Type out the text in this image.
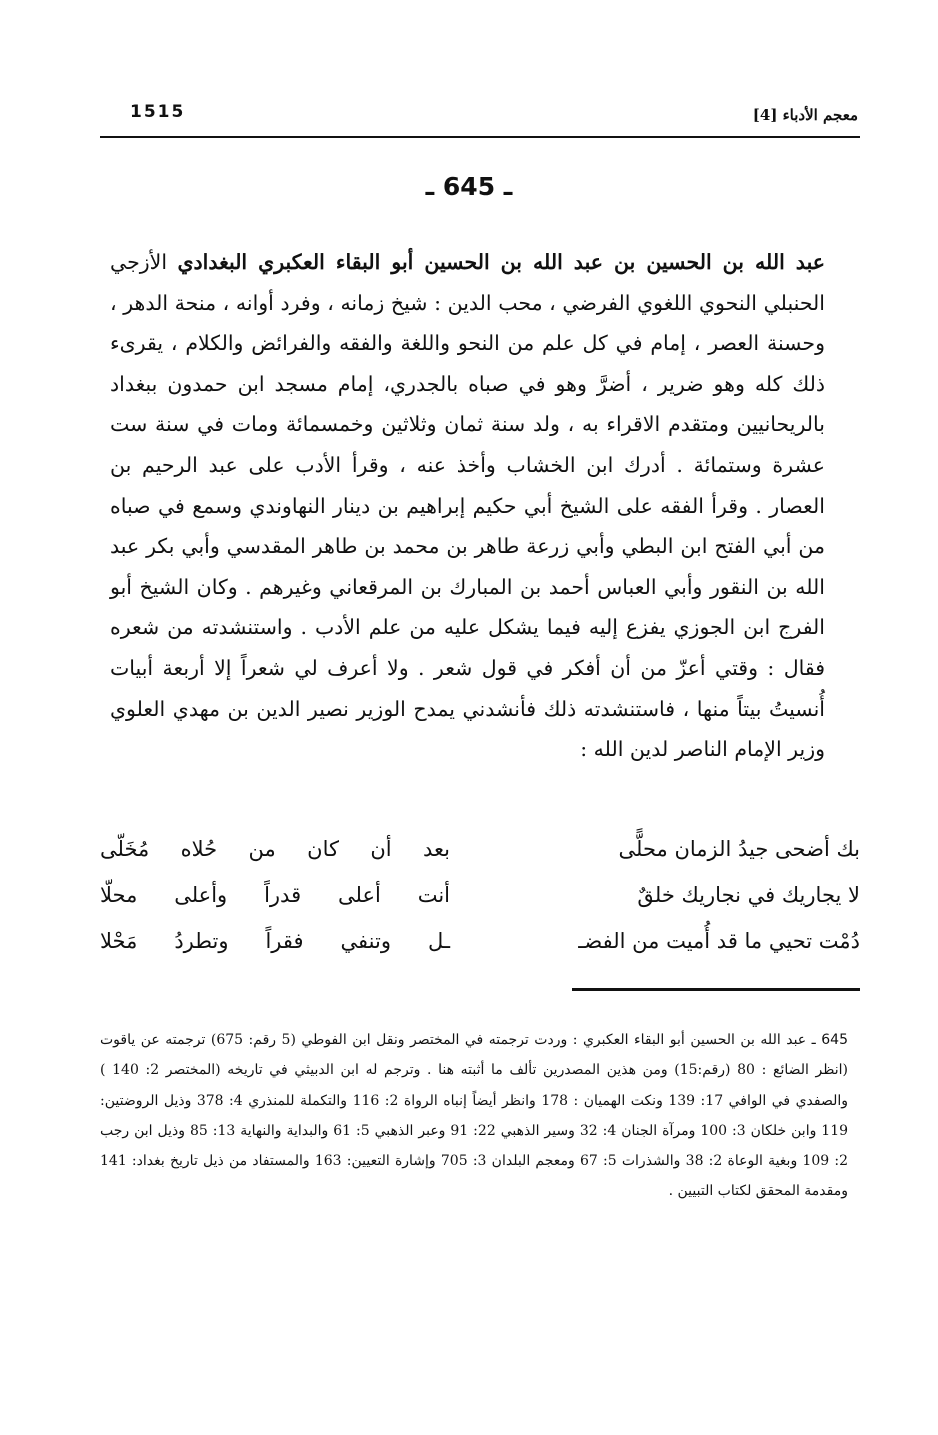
1515	معجم الأدباء [4]
ـ 645 ـ

عبد الله بن الحسين بن عبد الله بن الحسين أبو البقاء العكبري البغدادي الأزجي الحنبلي النحوي اللغوي الفرضي ، محب الدين : شيخ زمانه ، وفرد أوانه ، منحة الدهر ، وحسنة العصر ، إمام في كل علم من النحو واللغة والفقه والفرائض والكلام ، يقرىء ذلك كله وهو ضرير ، أضرَّ وهو في صباه بالجدري، إمام مسجد ابن حمدون ببغداد بالريحانيين ومتقدم الاقراء به ، ولد سنة ثمان وثلاثين وخمسمائة ومات في سنة ست عشرة وستمائة . أدرك ابن الخشاب وأخذ عنه ، وقرأ الأدب على عبد الرحيم بن العصار . وقرأ الفقه على الشيخ أبي حكيم إبراهيم بن دينار النهاوندي وسمع في صباه من أبي الفتح ابن البطي وأبي زرعة طاهر بن محمد بن طاهر المقدسي وأبي بكر عبد الله بن النقور وأبي العباس أحمد بن المبارك بن المرقعاني وغيرهم . وكان الشيخ أبو الفرج ابن الجوزي يفزع إليه فيما يشكل عليه من علم الأدب . واستنشدته من شعره فقال : وقتي أعزّ من أن أفكر في قول شعر . ولا أعرف لي شعراً إلا أربعة أبيات أُنسيتُ بيتاً منها ، فاستنشدته ذلك فأنشدني يمدح الوزير نصير الدين بن مهدي العلوي وزير الإمام الناصر لدين الله :

بك أضحى جيدُ الزمان محلًّى
بعد أن كان من حُلاه مُخَلّى
لا يجاريك في نجاريك خلقٌ
أنت أعلى قدراً وأعلى محلّا
دُمْت تحيي ما قد أُميت من الفضـ
ـل وتنفي فقراً وتطردُ مَحْلا

645 ـ عبد الله بن الحسين أبو البقاء العكبري : وردت ترجمته في المختصر ونقل ابن الفوطي (5 رقم: 675) ترجمته عن ياقوت (انظر الضائع : 80 (رقم:15) ومن هذين المصدرين تألف ما أثبته هنا . وترجم له ابن الدبيثي في تاريخه (المختصر 2: 140 ) والصفدي في الوافي 17: 139 ونكت الهميان : 178 وانظر أيضاً إنباه الرواة 2: 116 والتكملة للمنذري 4: 378 وذيل الروضتين: 119 وابن خلكان 3: 100 ومرآة الجنان 4: 32 وسير الذهبي 22: 91 وعبر الذهبي 5: 61 والبداية والنهاية 13: 85 وذيل ابن رجب 2: 109 وبغية الوعاة 2: 38 والشذرات 5: 67 ومعجم البلدان 3: 705 وإشارة التعيين: 163 والمستفاد من ذيل تاريخ بغداد: 141 ومقدمة المحقق لكتاب التبيين .
